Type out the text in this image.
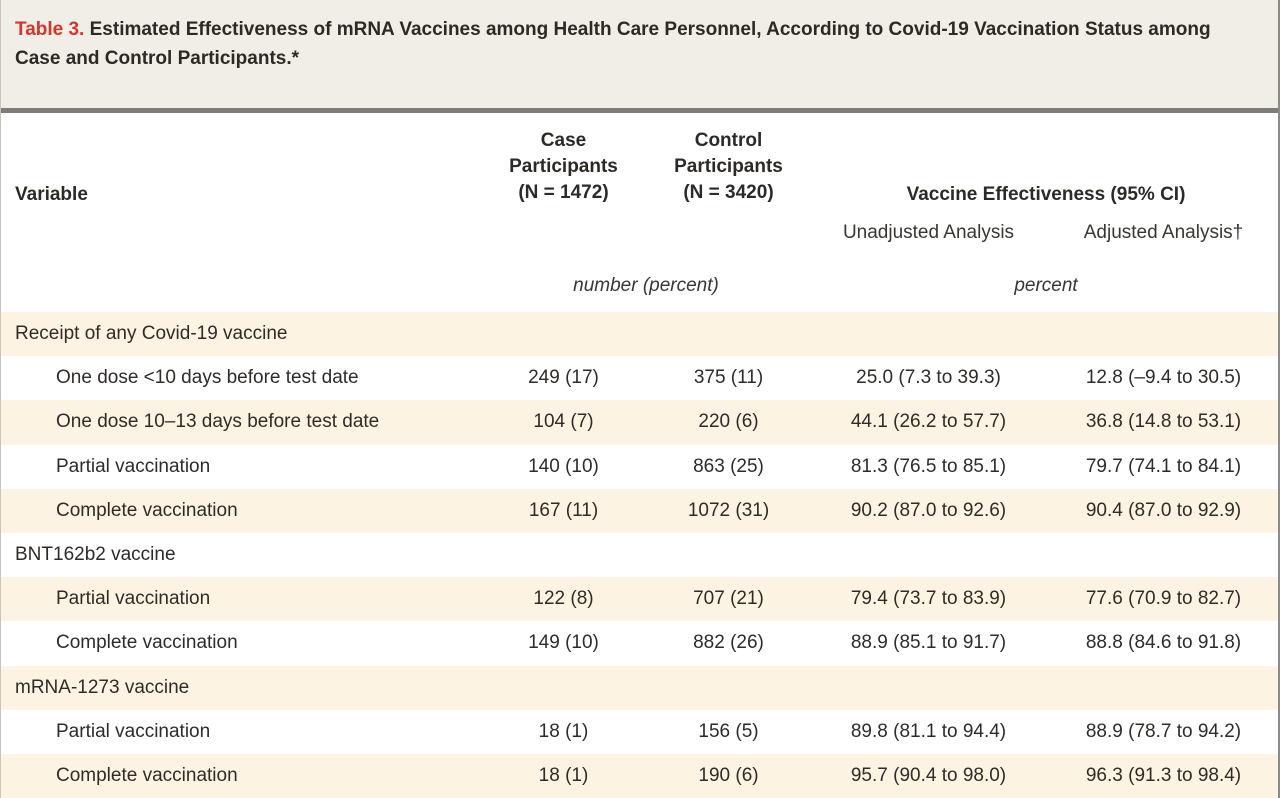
Table 3. Estimated Effectiveness of mRNA Vaccines among Health Care Personnel, According to Covid-19 Vaccination Status among Case and Control Participants.*
Variable
Case
Participants
(N = 1472)
Control
Participants
(N = 3420)	Vaccine Effectiveness (95% CI)
Unadjusted Analysis	Adjusted Analysis†
number (percent)	percent
Receipt of any Covid-19 vaccine
One dose <10 days before test date	249 (17)	375 (11)	25.0 (7.3 to 39.3)	12.8 (–9.4 to 30.5)
One dose 10–13 days before test date	104 (7)	220 (6)	44.1 (26.2 to 57.7)	36.8 (14.8 to 53.1)
Partial vaccination	140 (10)	863 (25)	81.3 (76.5 to 85.1)	79.7 (74.1 to 84.1)
Complete vaccination	167 (11)	1072 (31)	90.2 (87.0 to 92.6)	90.4 (87.0 to 92.9)
BNT162b2 vaccine
Partial vaccination	122 (8)	707 (21)	79.4 (73.7 to 83.9)	77.6 (70.9 to 82.7)
Complete vaccination	149 (10)	882 (26)	88.9 (85.1 to 91.7)	88.8 (84.6 to 91.8)
mRNA-1273 vaccine
Partial vaccination	18 (1)	156 (5)	89.8 (81.1 to 94.4)	88.9 (78.7 to 94.2)
Complete vaccination	18 (1)	190 (6)	95.7 (90.4 to 98.0)	96.3 (91.3 to 98.4)
